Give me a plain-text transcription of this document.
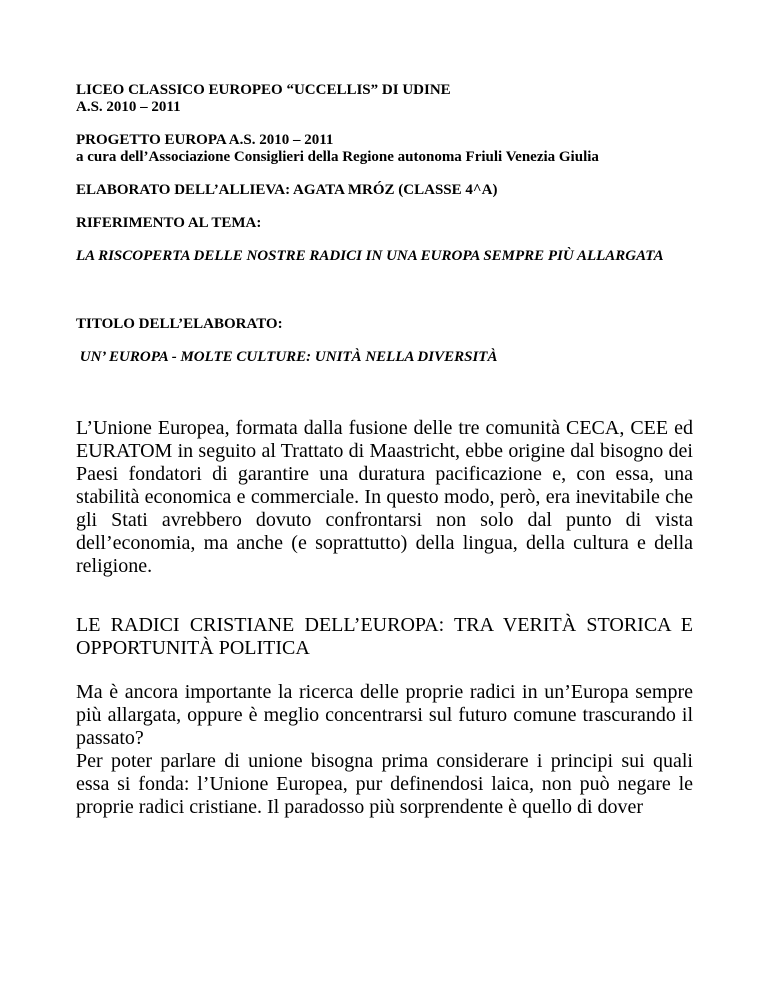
LICEO CLASSICO EUROPEO “UCCELLIS” DI UDINE

A.S. 2010 – 2011

PROGETTO EUROPA A.S. 2010 – 2011

a cura dell’Associazione Consiglieri della Regione autonoma Friuli Venezia Giulia

ELABORATO DELL’ALLIEVA: AGATA MRÓZ (CLASSE 4^A)

RIFERIMENTO AL TEMA:

LA RISCOPERTA DELLE NOSTRE RADICI IN UNA EUROPA SEMPRE PIÙ ALLARGATA

TITOLO DELL’ELABORATO:

UN’ EUROPA - MOLTE CULTURE: UNITÀ NELLA DIVERSITÀ

L’Unione Europea, formata dalla fusione delle tre comunità CECA, CEE ed EURATOM in seguito al Trattato di Maastricht, ebbe origine dal bisogno dei Paesi fondatori di garantire una duratura pacificazione e, con essa, una stabilità economica e commerciale. In questo modo, però, era inevitabile che gli Stati avrebbero dovuto confrontarsi non solo dal punto di vista dell’economia, ma anche (e soprattutto) della lingua, della cultura e della religione.

LE RADICI CRISTIANE DELL’EUROPA: TRA VERITÀ STORICA E OPPORTUNITÀ POLITICA

Ma è ancora importante la ricerca delle proprie radici in un’Europa sempre più allargata, oppure è meglio concentrarsi sul futuro comune trascurando il passato?

Per poter parlare di unione bisogna prima considerare i principi sui quali essa si fonda: l’Unione Europea, pur definendosi laica, non può negare le proprie radici cristiane. Il paradosso più sorprendente è quello di dover
